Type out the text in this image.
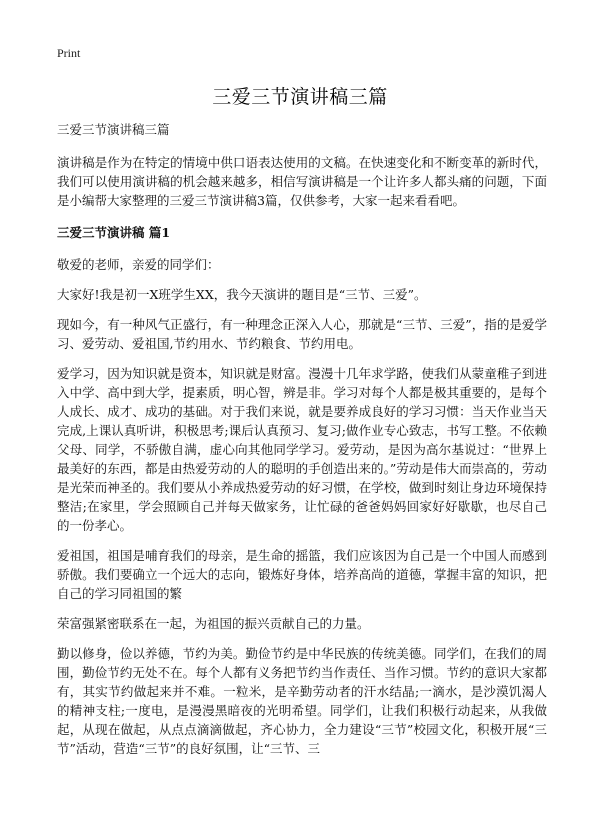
Print
三爱三节演讲稿三篇
三爱三节演讲稿三篇

演讲稿是作为在特定的情境中供口语表达使用的文稿。在快速变化和不断变革的新时代，我们可以使用演讲稿的机会越来越多，相信写演讲稿是一个让许多人都头痛的问题，下面是小编帮大家整理的三爱三节演讲稿3篇，仅供参考，大家一起来看看吧。

三爱三节演讲稿 篇1

敬爱的老师，亲爱的同学们：

大家好!我是初一X班学生XX，我今天演讲的题目是“三节、三爱”。

现如今，有一种风气正盛行，有一种理念正深入人心，那就是“三节、三爱”，指的是爱学习、爱劳动、爱祖国,节约用水、节约粮食、节约用电。

爱学习，因为知识就是资本，知识就是财富。漫漫十几年求学路，使我们从蒙童稚子到进入中学、高中到大学，提素质，明心智，辨是非。学习对每个人都是极其重要的，是每个人成长、成才、成功的基础。对于我们来说，就是要养成良好的学习习惯：当天作业当天完成,上课认真听讲，积极思考;课后认真预习、复习;做作业专心致志，书写工整。不依赖父母、同学，不骄傲自满，虚心向其他同学学习。爱劳动，是因为高尔基说过：“世界上最美好的东西，都是由热爱劳动的人的聪明的手创造出来的。”劳动是伟大而崇高的，劳动是光荣而神圣的。我们要从小养成热爱劳动的好习惯，在学校，做到时刻让身边环境保持整洁;在家里，学会照顾自己并每天做家务，让忙碌的爸爸妈妈回家好好歇歇，也尽自己的一份孝心。

爱祖国，祖国是哺育我们的母亲，是生命的摇篮，我们应该因为自己是一个中国人而感到骄傲。我们要确立一个远大的志向，锻炼好身体，培养高尚的道德，掌握丰富的知识，把自己的学习同祖国的繁

荣富强紧密联系在一起，为祖国的振兴贡献自己的力量。

勤以修身，俭以养德，节约为美。勤俭节约是中华民族的传统美德。同学们，在我们的周围，勤俭节约无处不在。每个人都有义务把节约当作责任、当作习惯。节约的意识大家都有，其实节约做起来并不难。一粒米，是辛勤劳动者的汗水结晶;一滴水，是沙漠饥渴人的精神支柱;一度电，是漫漫黑暗夜的光明希望。同学们，让我们积极行动起来，从我做起，从现在做起，从点点滴滴做起，齐心协力，全力建设“三节”校园文化，积极开展“三节”活动，营造“三节”的良好氛围，让“三节、三
